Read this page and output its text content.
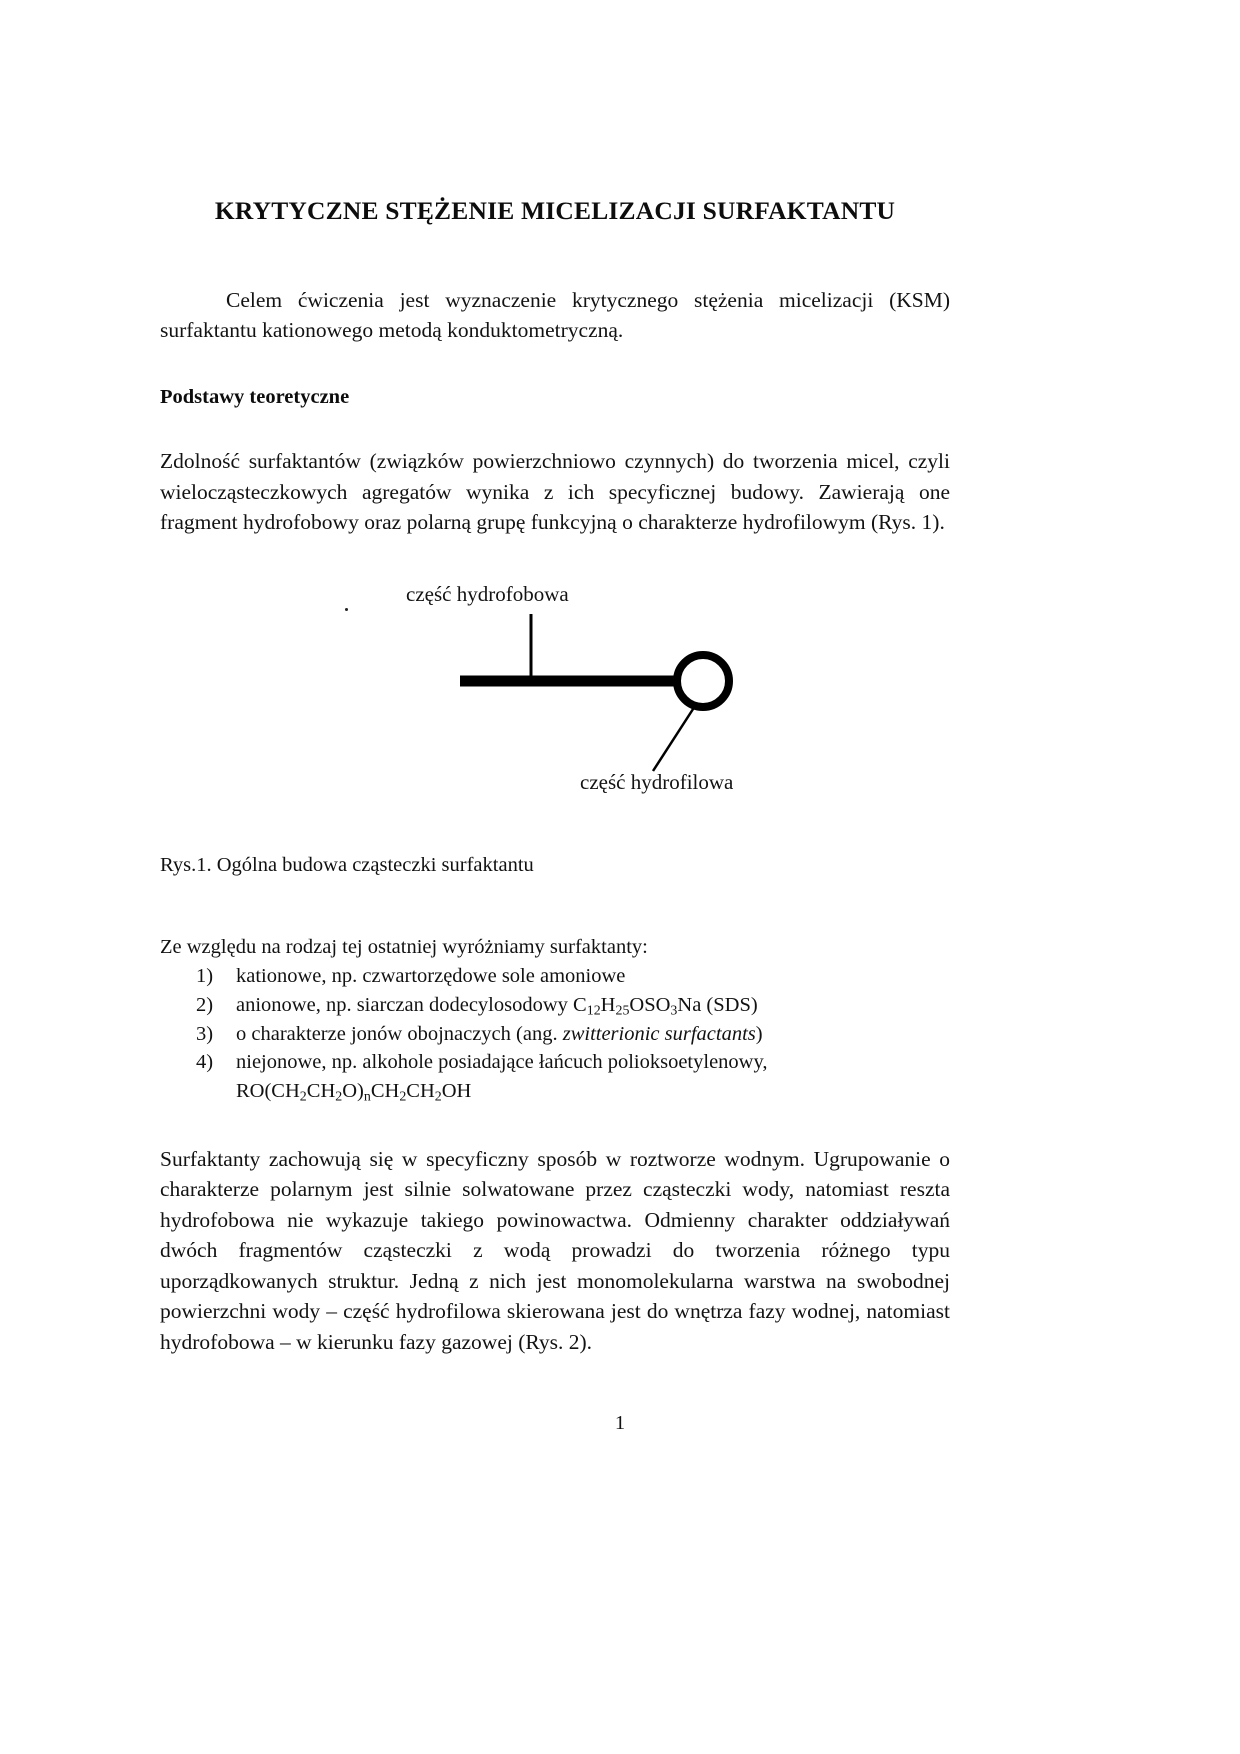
KRYTYCZNE STĘŻENIE MICELIZACJI SURFAKTANTU

Celem ćwiczenia jest wyznaczenie krytycznego stężenia micelizacji (KSM) surfaktantu kationowego metodą konduktometryczną.

Podstawy teoretyczne

Zdolność surfaktantów (związków powierzchniowo czynnych) do tworzenia micel, czyli wielocząsteczkowych agregatów wynika z ich specyficznej budowy. Zawierają one fragment hydrofobowy oraz polarną grupę funkcyjną o charakterze hydrofilowym (Rys. 1).

część hydrofobowa
część hydrofilowa

Rys.1. Ogólna budowa cząsteczki surfaktantu

Ze względu na rodzaj tej ostatniej wyróżniamy surfaktanty:

1) kationowe, np. czwartorzędowe sole amoniowe
2) anionowe, np. siarczan dodecylosodowy $C_{12}H_{25}OSO_3Na$ (SDS)
3) o charakterze jonów obojnaczych (ang. zwitterionic surfactants)
4) niejonowe, np. alkohole posiadające łańcuch polioksoetylenowy,
$RO(CH_2CH_2O)_nCH_2CH_2OH$

Surfaktanty zachowują się w specyficzny sposób w roztworze wodnym. Ugrupowanie o charakterze polarnym jest silnie solwatowane przez cząsteczki wody, natomiast reszta hydrofobowa nie wykazuje takiego powinowactwa. Odmienny charakter oddziaływań dwóch fragmentów cząsteczki z wodą prowadzi do tworzenia różnego typu uporządkowanych struktur. Jedną z nich jest monomolekularna warstwa na swobodnej powierzchni wody – część hydrofilowa skierowana jest do wnętrza fazy wodnej, natomiast hydrofobowa – w kierunku fazy gazowej (Rys. 2).

1
